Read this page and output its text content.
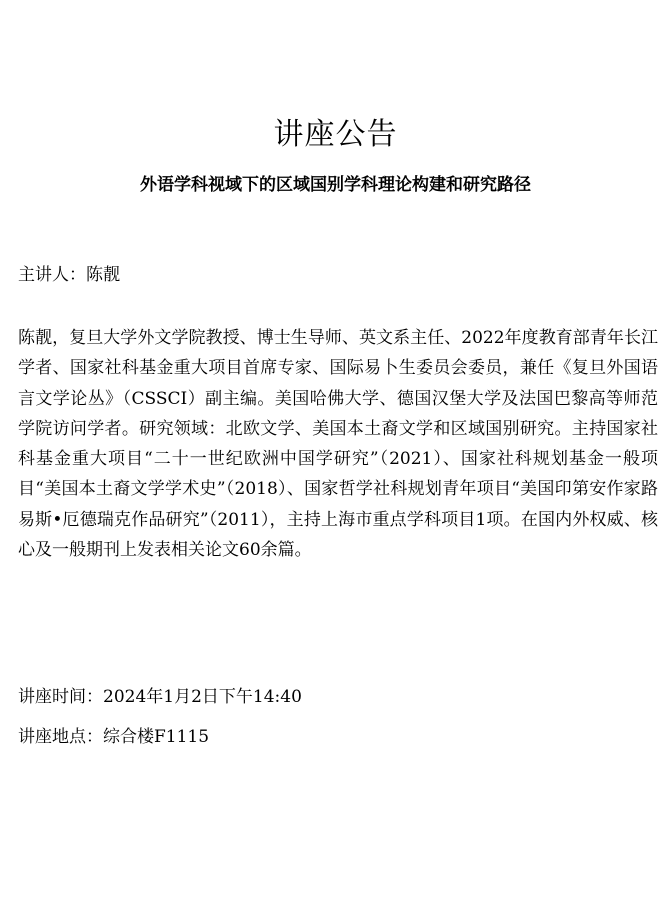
讲座公告
外语学科视域下的区域国别学科理论构建和研究路径
主讲人：陈靓
陈靓，复旦大学外文学院教授、博士生导师、英文系主任、2022年度教育部青年长江学者、国家社科基金重大项目首席专家、国际易卜生委员会委员，兼任《复旦外国语言文学论丛》（CSSCI）副主编。美国哈佛大学、德国汉堡大学及法国巴黎高等师范学院访问学者。研究领域：北欧文学、美国本土裔文学和区域国别研究。主持国家社科基金重大项目“二十一世纪欧洲中国学研究”（2021）、国家社科规划基金一般项目“美国本土裔文学学术史”（2018）、国家哲学社科规划青年项目“美国印第安作家路易斯•厄德瑞克作品研究”（2011），主持上海市重点学科项目1项。在国内外权威、核心及一般期刊上发表相关论文60余篇。
讲座时间：2024年1月2日下午14:40
讲座地点：综合楼F1115
